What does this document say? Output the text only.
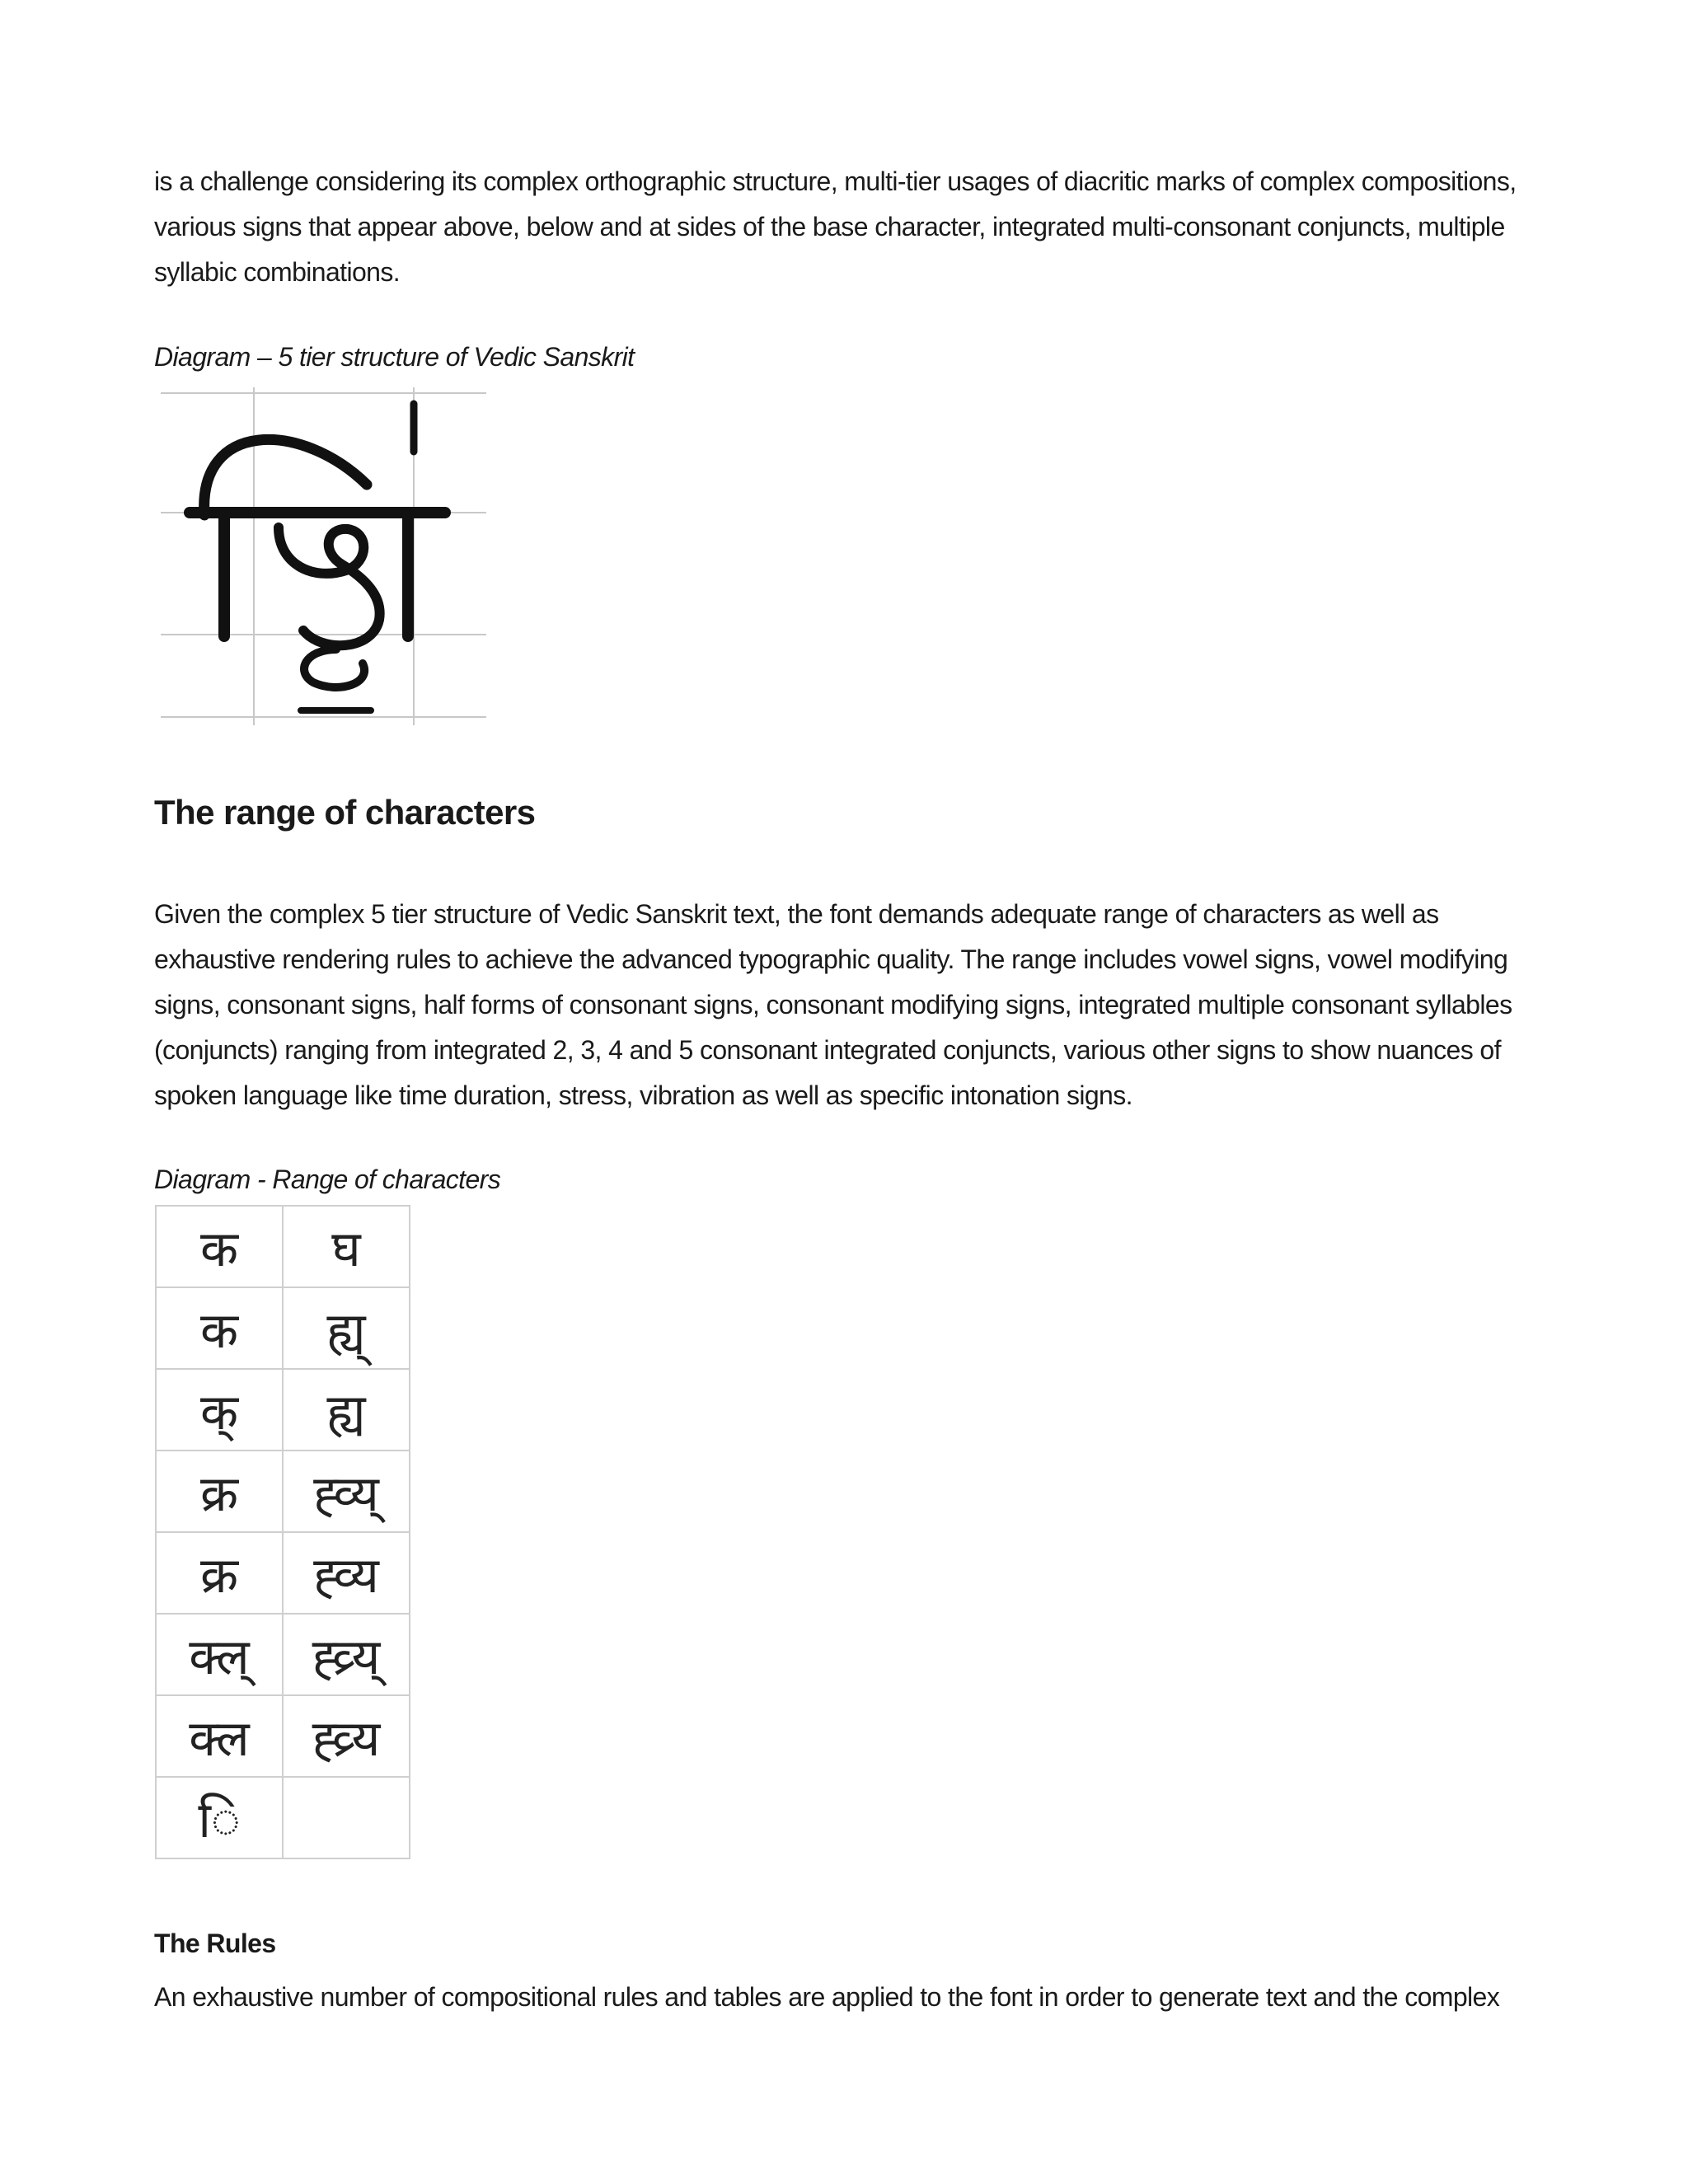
is a challenge considering its complex orthographic structure, multi-tier usages of diacritic marks of complex compositions, various signs that appear above, below and at sides of the base character, integrated multi-consonant conjuncts, multiple syllabic combinations.

Diagram – 5 tier structure of Vedic Sanskrit

The range of characters

Given the complex 5 tier structure of Vedic Sanskrit text, the font demands adequate range of characters as well as exhaustive rendering rules to achieve the advanced typographic quality. The range includes vowel signs, vowel modifying signs, consonant signs, half forms of consonant signs, consonant modifying signs, integrated multiple consonant syllables (conjuncts) ranging from integrated 2, 3, 4 and 5 consonant integrated conjuncts, various other signs to show nuances of spoken language like time duration, stress, vibration as well as specific intonation signs.

Diagram - Range of characters

क	घ
क	ह्य्
क्	ह्य
क्र	ह्व्य्
क्र	ह्व्य
क्ल्	ह्व्र्य्
क्ल	ह्व्र्य
ि	
The Rules

An exhaustive number of compositional rules and tables are applied to the font in order to generate text and the complex
